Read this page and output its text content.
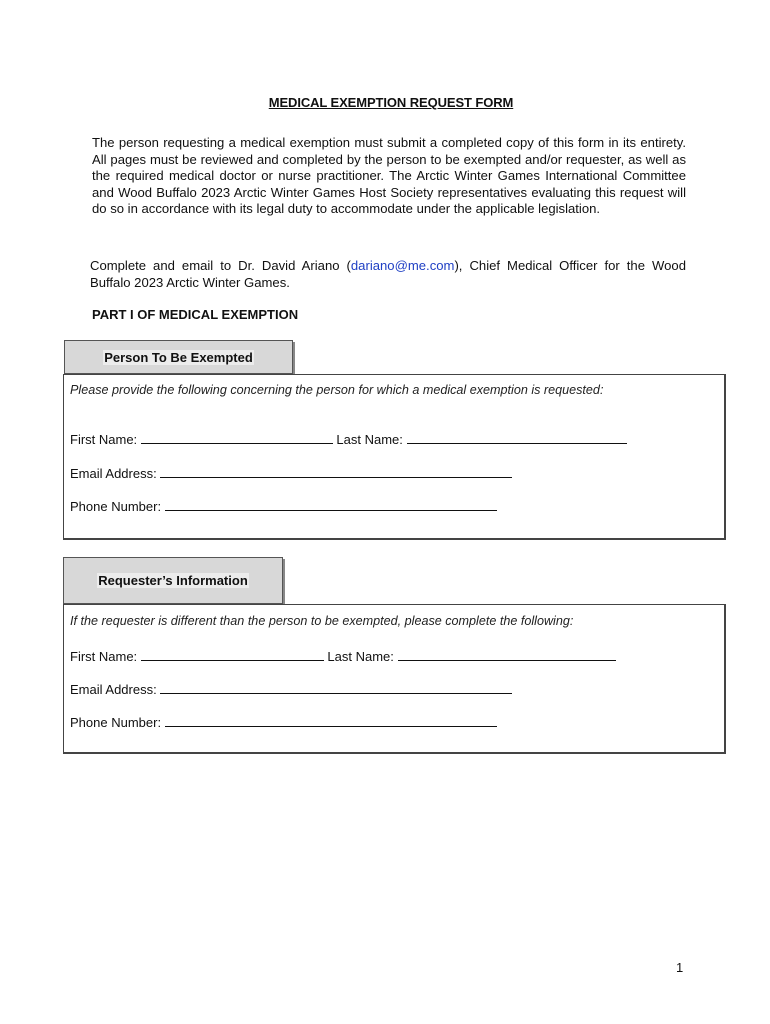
MEDICAL EXEMPTION REQUEST FORM
The person requesting a medical exemption must submit a completed copy of this form in its entirety. All pages must be reviewed and completed by the person to be exempted and/or requester, as well as the required medical doctor or nurse practitioner. The Arctic Winter Games International Committee and Wood Buffalo 2023 Arctic Winter Games Host Society representatives evaluating this request will do so in accordance with its legal duty to accommodate under the applicable legislation.
Complete and email to Dr. David Ariano (dariano@me.com), Chief Medical Officer for the Wood Buffalo 2023 Arctic Winter Games.
PART I OF MEDICAL EXEMPTION
Person To Be Exempted
Please provide the following concerning the person for which a medical exemption is requested:
First Name:	Last Name:
Email Address:
Phone Number:
Requester’s Information
If the requester is different than the person to be exempted, please complete the following:
First Name:	Last Name:
Email Address:
Phone Number:
1
